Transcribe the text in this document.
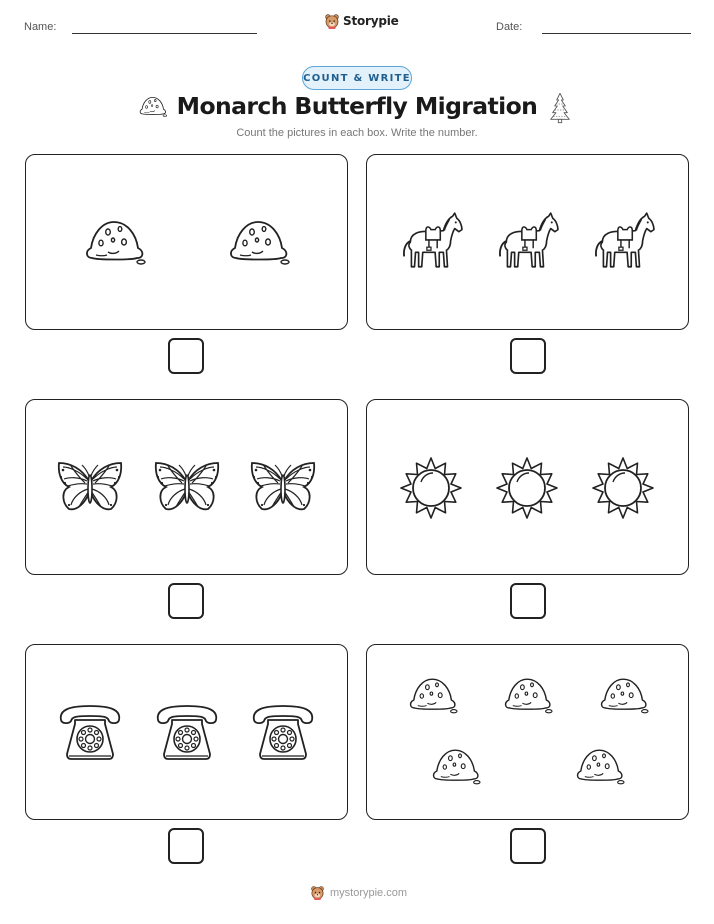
Name:	Storypie	Date:
COUNT & WRITE
Monarch Butterfly Migration
Count the pictures in each box. Write the number.
mystorypie.com
